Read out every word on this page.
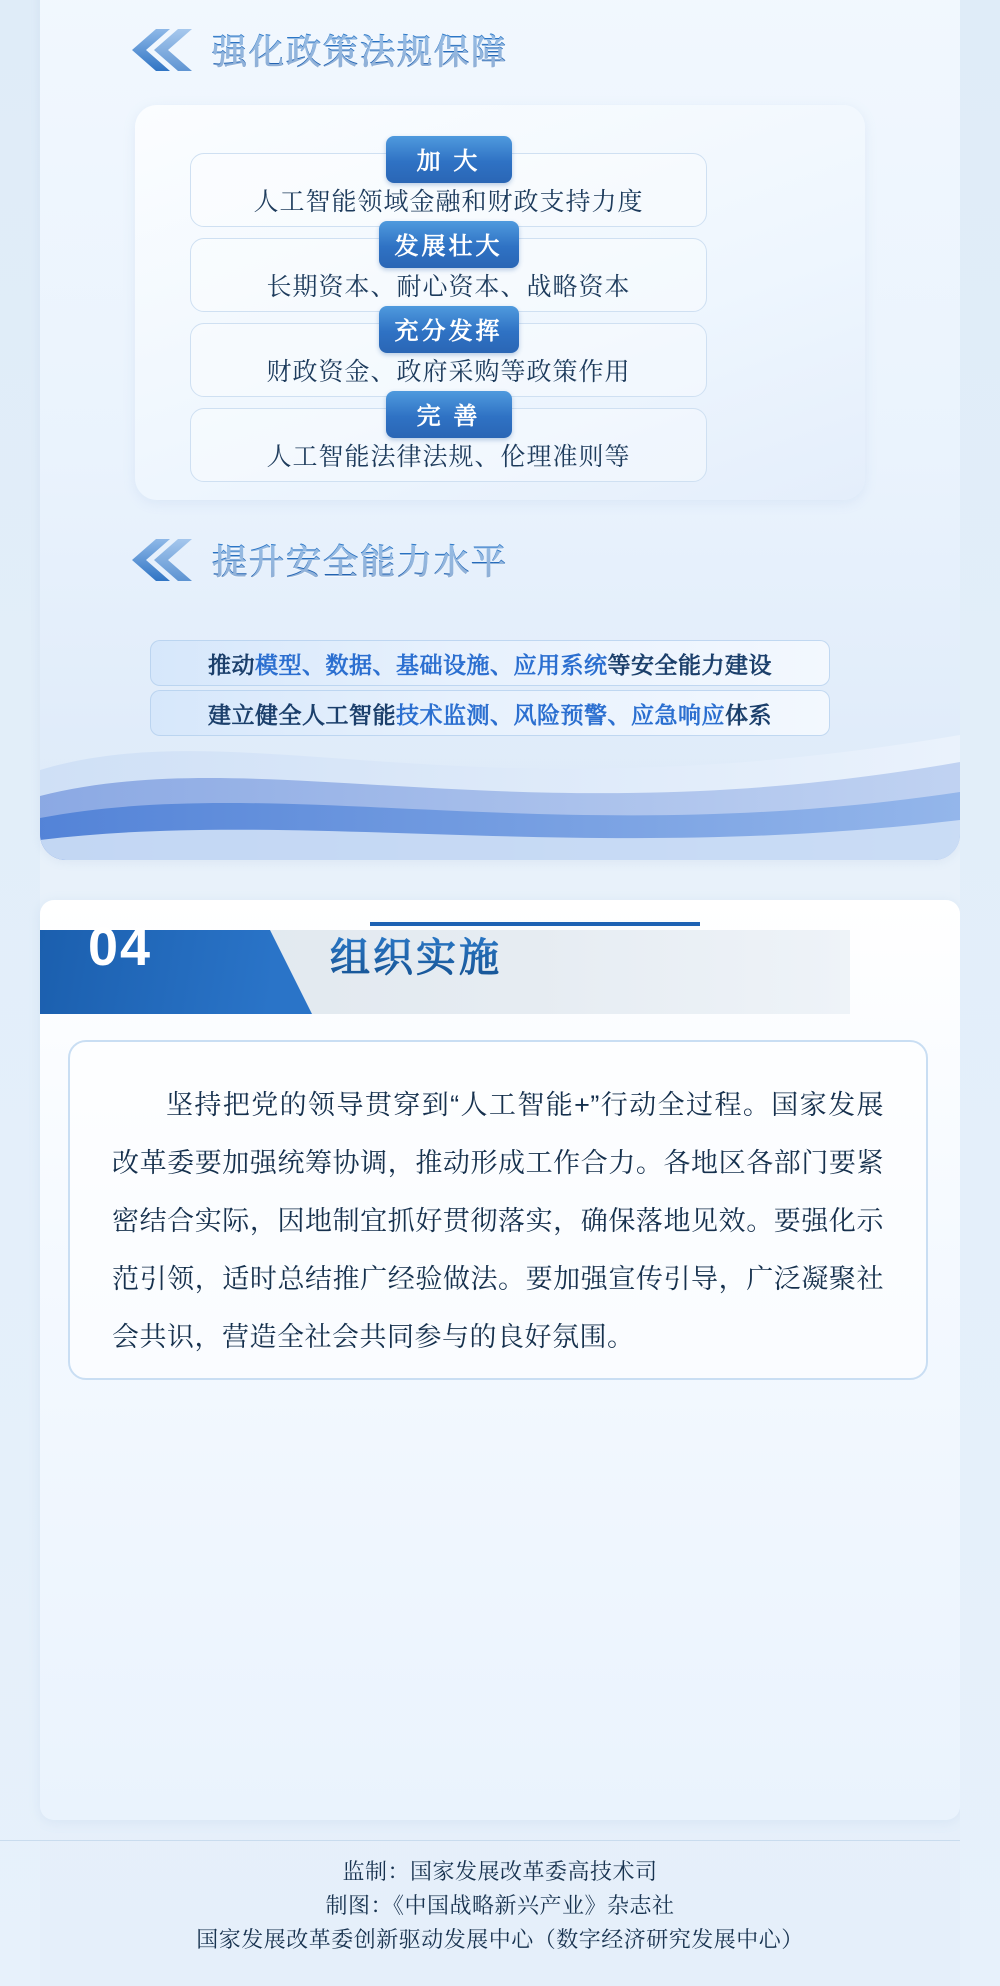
强化政策法规保障
加 大
人工智能领域金融和财政支持力度
发展壮大
长期资本、耐心资本、战略资本
充分发挥
财政资金、政府采购等政策作用
完 善
人工智能法律法规、伦理准则等
提升安全能力水平
推动模型、数据、基础设施、应用系统等安全能力建设
建立健全人工智能技术监测、风险预警、应急响应体系
04	组织实施
坚持把党的领导贯穿到“人工智能+”行动全过程。国家发展改革委要加强统筹协调，推动形成工作合力。各地区各部门要紧密结合实际，因地制宜抓好贯彻落实，确保落地见效。要强化示范引领，适时总结推广经验做法。要加强宣传引导，广泛凝聚社会共识，营造全社会共同参与的良好氛围。
监制：国家发展改革委高技术司
制图：《中国战略新兴产业》杂志社
国家发展改革委创新驱动发展中心（数字经济研究发展中心）
